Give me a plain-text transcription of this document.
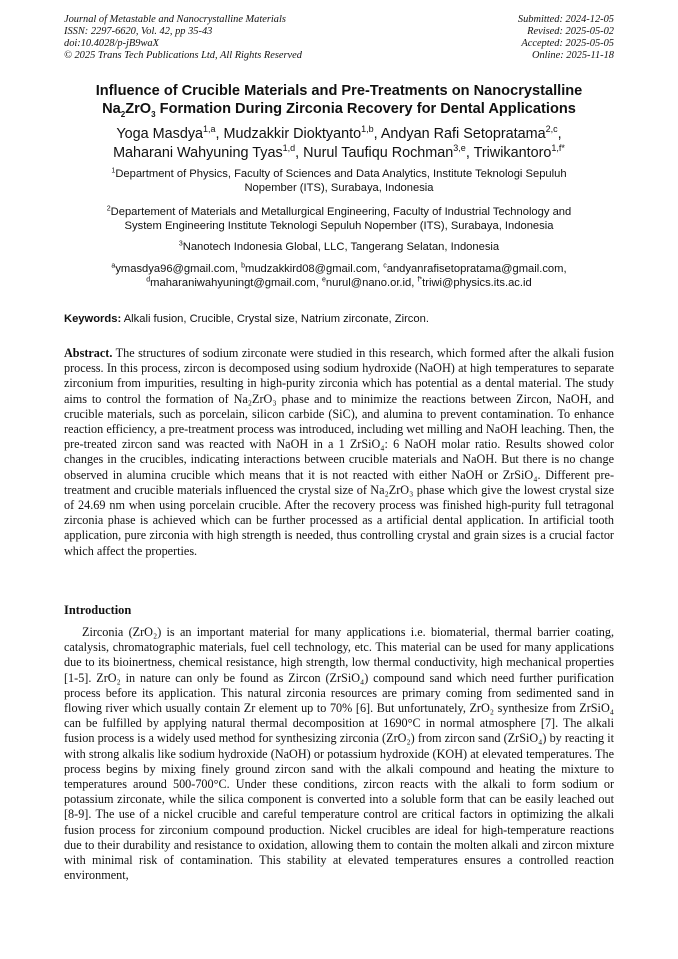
Journal of Metastable and Nanocrystalline Materials
ISSN: 2297-6620, Vol. 42, pp 35-43
doi:10.4028/p-jB9waX
© 2025 Trans Tech Publications Ltd, All Rights Reserved
Submitted: 2024-12-05
Revised: 2025-05-02
Accepted: 2025-05-05
Online: 2025-11-18
Influence of Crucible Materials and Pre-Treatments on Nanocrystalline
$Na_2ZrO_3$ Formation During Zirconia Recovery for Dental Applications
Yoga Masdya$^{1,a}$, Mudzakkir Dioktyanto$^{1,b}$, Andyan Rafi Setopratama$^{2,c}$,
Maharani Wahyuning Tyas$^{1,d}$, Nurul Taufiqu Rochman$^{3,e}$, Triwikantoro$^{1,f*}$
$^1$Department of Physics, Faculty of Sciences and Data Analytics, Institute Teknologi Sepuluh
Nopember (ITS), Surabaya, Indonesia
$^2$Departement of Materials and Metallurgical Engineering, Faculty of Industrial Technology and
System Engineering Institute Teknologi Sepuluh Nopember (ITS), Surabaya, Indonesia
$^3$Nanotech Indonesia Global, LLC, Tangerang Selatan, Indonesia
$^a$ymasdya96@gmail.com, $^b$mudzakkird08@gmail.com, $^c$andyanrafisetopratama@gmail.com,
$^d$maharaniwahyuningt@gmail.com, $^e$nurul@nano.or.id, $^{f*}$triwi@physics.its.ac.id
Keywords: Alkali fusion, Crucible, Crystal size, Natrium zirconate, Zircon.
Abstract. The structures of sodium zirconate were studied in this research, which formed after the alkali fusion process. In this process, zircon is decomposed using sodium hydroxide (NaOH) at high temperatures to separate zirconium from impurities, resulting in high-purity zirconia which has potential as a dental material. The study aims to control the formation of Na₂ZrO₃ phase and to minimize the reactions between Zircon, NaOH, and crucible materials, such as porcelain, silicon carbide (SiC), and alumina to prevent contamination. To enhance reaction efficiency, a pre-treatment process was introduced, including wet milling and NaOH leaching. Then, the pre-treated zircon sand was reacted with NaOH in a 1 ZrSiO₄: 6 NaOH molar ratio. Results showed color changes in the crucibles, indicating interactions between crucible materials and NaOH. But there is no change observed in alumina crucible which means that it is not reacted with either NaOH or ZrSiO₄. Different pre-treatment and crucible materials influenced the crystal size of Na₂ZrO₃ phase which give the lowest crystal size of 24.69 nm when using porcelain crucible. After the recovery process was finished high-purity full tetragonal zirconia phase is achieved which can be further processed as a artificial dental application. In artificial tooth application, pure zirconia with high strength is needed, thus controlling crystal and grain sizes is a crucial factor which affect the properties.
Introduction
Zirconia (ZrO₂) is an important material for many applications i.e. biomaterial, thermal barrier coating, catalysis, chromatographic materials, fuel cell technology, etc. This material can be used for many applications due to its bioinertness, chemical resistance, high strength, low thermal conductivity, high mechanical properties [1-5]. ZrO₂ in nature can only be found as Zircon (ZrSiO₄) compound sand which need further purification process before its application. This natural zirconia resources are primary coming from sedimented sand in flowing river which usually contain Zr element up to 70% [6]. But unfortunately, ZrO₂ synthesize from ZrSiO₄ can be fulfilled by applying natural thermal decomposition at 1690°C in normal atmosphere [7]. The alkali fusion process is a widely used method for synthesizing zirconia (ZrO₂) from zircon sand (ZrSiO₄) by reacting it with strong alkalis like sodium hydroxide (NaOH) or potassium hydroxide (KOH) at elevated temperatures. The process begins by mixing finely ground zircon sand with the alkali compound and heating the mixture to temperatures around 500-700°C. Under these conditions, zircon reacts with the alkali to form sodium or potassium zirconate, while the silica component is converted into a soluble form that can be easily leached out [8-9]. The use of a nickel crucible and careful temperature control are critical factors in optimizing the alkali fusion process for zirconium compound production. Nickel crucibles are ideal for high-temperature reactions due to their durability and resistance to oxidation, allowing them to contain the molten alkali and zircon mixture with minimal risk of contamination. This stability at elevated temperatures ensures a controlled reaction environment,
